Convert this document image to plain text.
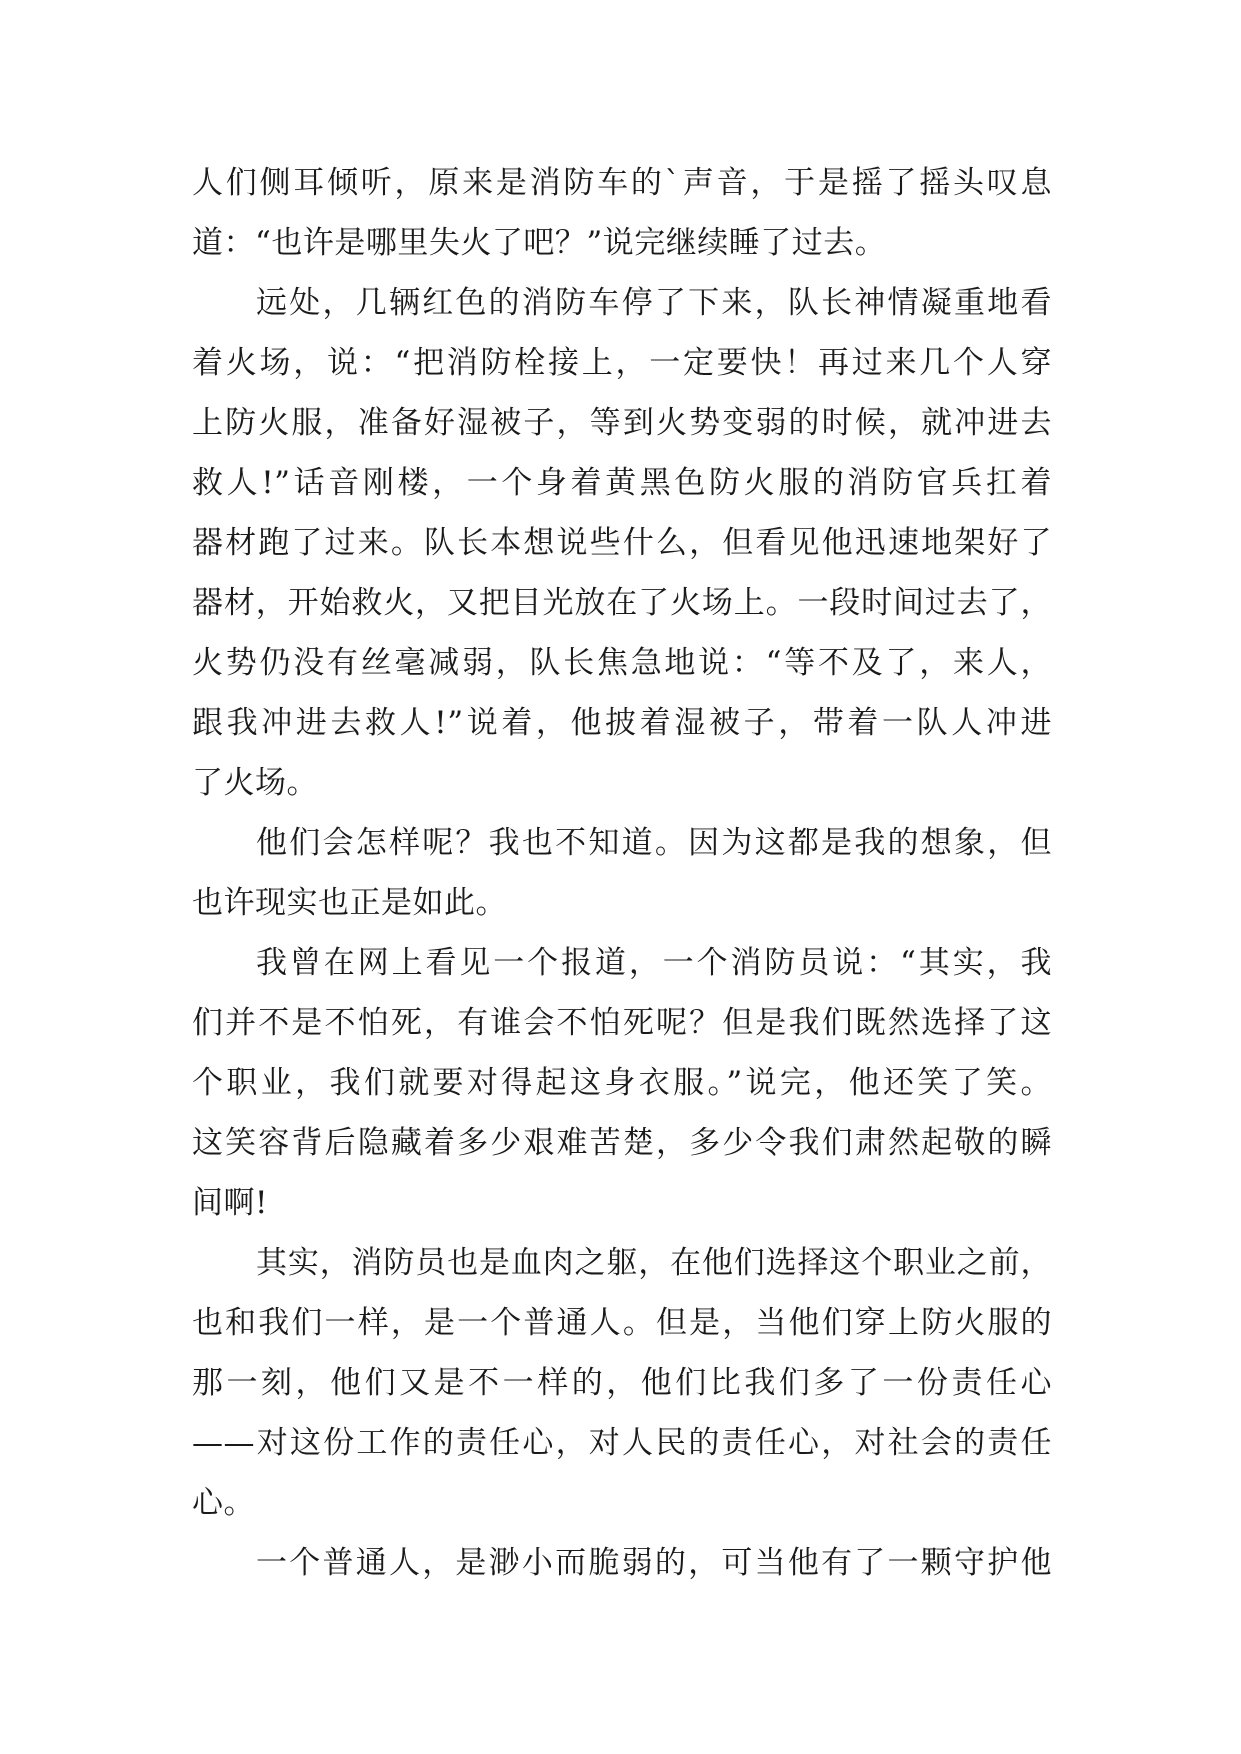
人们侧耳倾听，原来是消防车的`声音，于是摇了摇头叹息
道：“也许是哪里失火了吧？”说完继续睡了过去。
远处，几辆红色的消防车停了下来，队长神情凝重地看
着火场，说：“把消防栓接上，一定要快！再过来几个人穿
上防火服，准备好湿被子，等到火势变弱的时候，就冲进去
救人!”话音刚楼，一个身着黄黑色防火服的消防官兵扛着
器材跑了过来。队长本想说些什么，但看见他迅速地架好了
器材，开始救火，又把目光放在了火场上。一段时间过去了，
火势仍没有丝毫减弱，队长焦急地说：“等不及了，来人，
跟我冲进去救人!”说着，他披着湿被子，带着一队人冲进
了火场。
他们会怎样呢？我也不知道。因为这都是我的想象，但
也许现实也正是如此。
我曾在网上看见一个报道，一个消防员说：“其实，我
们并不是不怕死，有谁会不怕死呢？但是我们既然选择了这
个职业，我们就要对得起这身衣服。”说完，他还笑了笑。
这笑容背后隐藏着多少艰难苦楚，多少令我们肃然起敬的瞬
间啊!
其实，消防员也是血肉之躯，在他们选择这个职业之前，
也和我们一样，是一个普通人。但是，当他们穿上防火服的
那一刻，他们又是不一样的，他们比我们多了一份责任心
——对这份工作的责任心，对人民的责任心，对社会的责任
心。
一个普通人，是渺小而脆弱的，可当他有了一颗守护他
